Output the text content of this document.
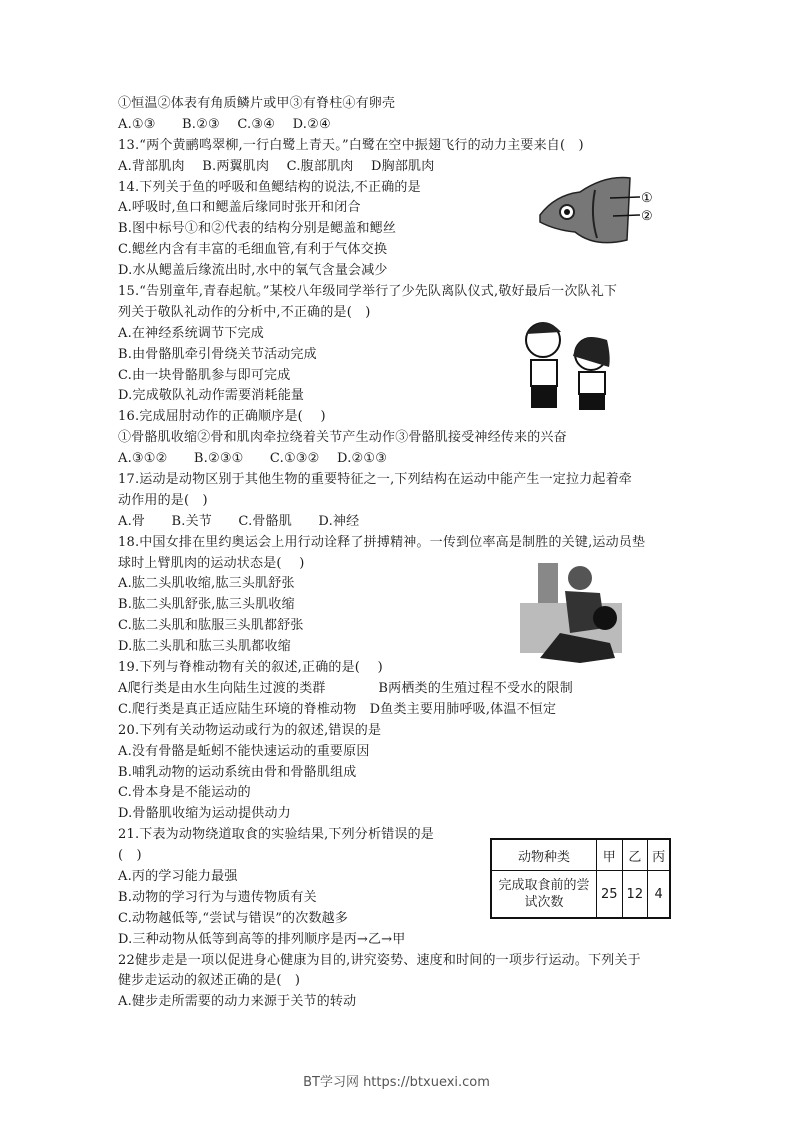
①恒温②体表有角质鳞片或甲③有脊柱④有卵壳
A.①③　　B.②③　 C.③④　 D.②④
13.“两个黄鹂鸣翠柳,一行白鹭上青天。”白鹭在空中振翅飞行的动力主要来自(　)
A.背部肌肉　 B.两翼肌肉　 C.腹部肌肉　 D胸部肌肉
14.下列关于鱼的呼吸和鱼鳃结构的说法,不正确的是
A.呼吸时,鱼口和鳃盖后缘同时张开和闭合
B.图中标号①和②代表的结构分别是鳃盖和鳃丝
C.鳃丝内含有丰富的毛细血管,有利于气体交换
D.水从鳃盖后缘流出时,水中的氧气含量会减少
15.“告别童年,青春起航。”某校八年级同学举行了少先队离队仪式,敬好最后一次队礼下
列关于敬队礼动作的分析中,不正确的是(　)
A.在神经系统调节下完成
B.由骨骼肌牵引骨绕关节活动完成
C.由一块骨骼肌参与即可完成
D.完成敬队礼动作需要消耗能量
16.完成屈肘动作的正确顺序是(　 )
①骨骼肌收缩②骨和肌肉牵拉绕着关节产生动作③骨骼肌接受神经传来的兴奋
A.③①②　　B.②③①　　C.①③②　 D.②①③
17.运动是动物区别于其他生物的重要特征之一,下列结构在运动中能产生一定拉力起着牵
动作用的是(　)
A.骨　　B.关节　　C.骨骼肌　　D.神经
18.中国女排在里约奥运会上用行动诠释了拼搏精神。一传到位率高是制胜的关键,运动员垫
球时上臂肌肉的运动状态是(　 )
A.肱二头肌收缩,肱三头肌舒张
B.肱二头肌舒张,肱三头肌收缩
C.肱二头肌和肱服三头肌都舒张
D.肱二头肌和肱三头肌都收缩
19.下列与脊椎动物有关的叙述,正确的是(　 )
A爬行类是由水生向陆生过渡的类群　　　　B两栖类的生殖过程不受水的限制
C.爬行类是真正适应陆生环境的脊椎动物　D鱼类主要用肺呼吸,体温不恒定
20.下列有关动物运动或行为的叙述,错误的是
A.没有骨骼是蚯蚓不能快速运动的重要原因
B.哺乳动物的运动系统由骨和骨骼肌组成
C.骨本身是不能运动的
D.骨骼肌收缩为运动提供动力
21.下表为动物绕道取食的实验结果,下列分析错误的是
(　)
A.丙的学习能力最强
B.动物的学习行为与遗传物质有关
C.动物越低等,“尝试与错误”的次数越多
D.三种动物从低等到高等的排列顺序是丙→乙→甲
22健步走是一项以促进身心健康为目的,讲究姿势、速度和时间的一项步行运动。下列关于
健步走运动的叙述正确的是(　)
A.健步走所需要的动力来源于关节的转动
①
②
动物种类	甲	乙	丙
完成取食前的尝试次数	25	12	4
BT学习网 https://btxuexi.com
